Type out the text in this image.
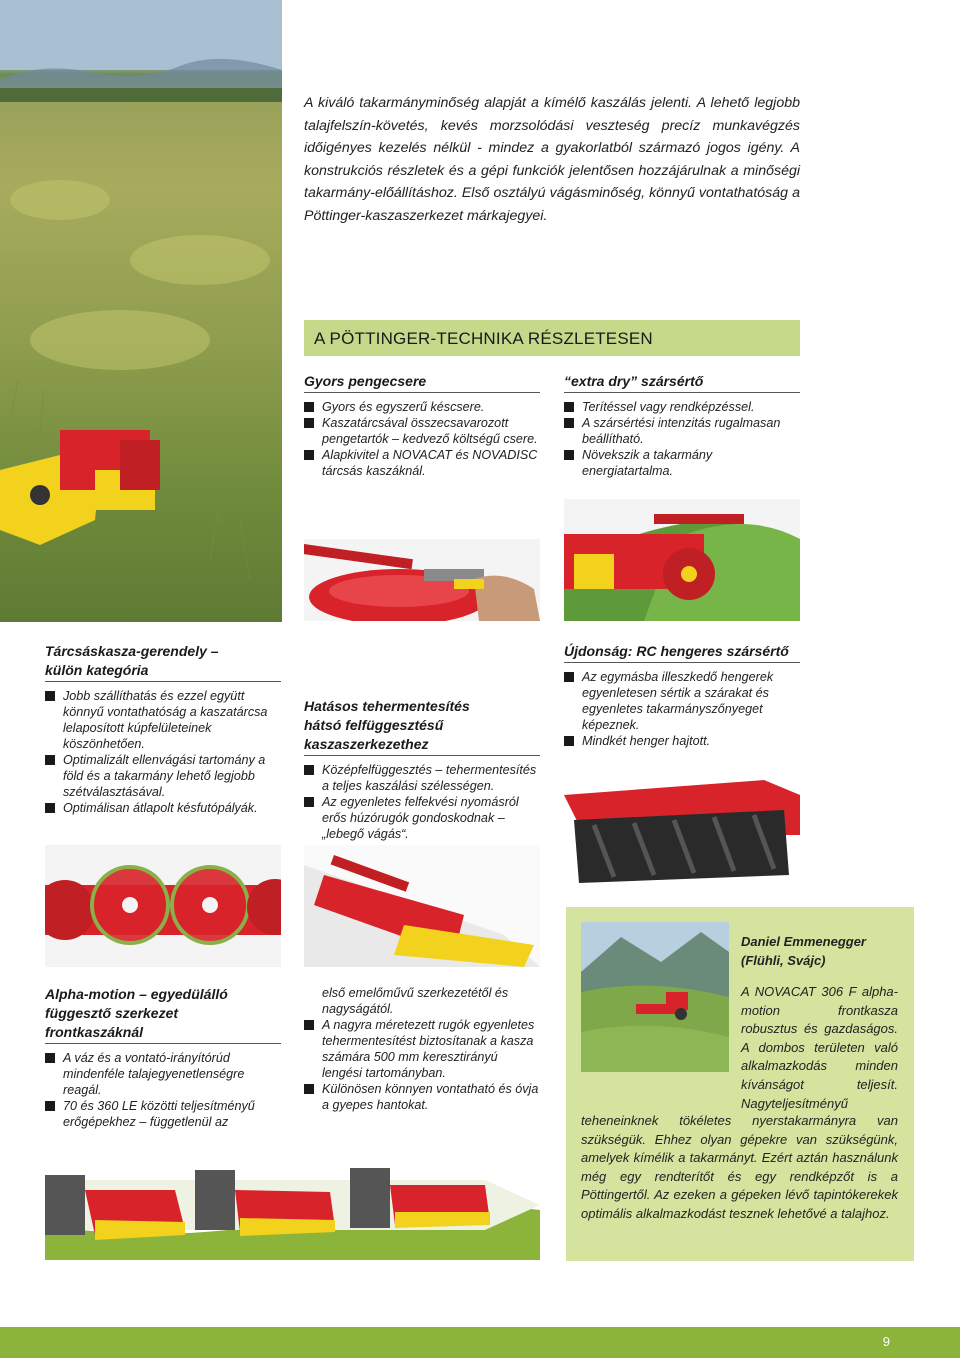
A kiváló takarmányminőség alapját a kímélő kaszálás jelenti. A lehető legjobb talajfelszín-követés, kevés morzsolódási veszteség precíz munkavégzés időigényes kezelés nélkül - mindez a gyakorlatból származó jogos igény. A konstrukciós részletek és a gépi funkciók jelentősen hozzájárulnak a minőségi takarmány-előállításhoz. Első osztályú vágásminőség, könnyű vontathatóság a Pöttinger-kaszaszerkezet márkajegyei.

A PÖTTINGER-TECHNIKA RÉSZLETESEN
Gyors pengecsere
Gyors és egyszerű késcsere.
Kaszatárcsával összecsavarozott pengetartók – kedvező költségű csere.
Alapkivitel a NOVACAT és NOVADISC tárcsás kaszáknál.
“extra dry” szársértő
Terítéssel vagy rendképzéssel.
A szársértési intenzitás rugalmasan beállítható.
Növekszik a takarmány energiatartalma.
Tárcsáskasza-gerendely –
külön kategória
Jobb szállíthatás és ezzel együtt könnyű vontathatóság a kaszatárcsa lelaposított kúpfelületeinek köszönhetően.
Optimalizált ellenvágási tartomány a föld és a takarmány lehető legjobb szétválasztásával.
Optimálisan átlapolt késfutópályák.
Hatásos tehermentesítés
hátsó felfüggesztésű
kaszaszerkezethez
Középfelfüggesztés – tehermentesítés a teljes kaszálási szélességen.
Az egyenletes felfekvési nyomásról erős húzórugók gondoskodnak – „lebegő vágás“.
Újdonság: RC hengeres szársértő
Az egymásba illeszkedő hengerek egyenletesen sértik a szárakat és egyenletes takarmányszőnyeget képeznek.
Mindkét henger hajtott.
Alpha-motion – egyedülálló
függesztő szerkezet
frontkaszáknál
A váz és a vontató-irányítórúd mindenféle talajegyenetlenségre reagál.
70 és 360 LE közötti teljesítményű erőgépekhez – függetlenül az

első emelőművű szerkezetétől és nagyságától.

A nagyra méretezett rugók egyenletes tehermentesítést biztosítanak a kasza számára 500 mm keresztirányú lengési tartományban.
Különösen könnyen vontatható és óvja a gyepes hantokat.
Daniel Emmenegger
(Flühli, Svájc)

A NOVACAT 306 F alpha-motion frontkasza robusztus és gazdaságos. A dombos területen való alkalmazkodás minden kívánságot teljesít. Nagyteljesítményű

teheneinknek tökéletes nyerstakarmányra van szükségük. Ehhez olyan gépekre van szükségünk, amelyek kímélik a takarmányt. Ezért aztán használunk még egy rendterítőt és egy rendképzőt is a Pöttingertől. Az ezeken a gépeken lévő tapintókerekek optimális alkalmazkodást tesznek lehetővé a talajhoz.

9
